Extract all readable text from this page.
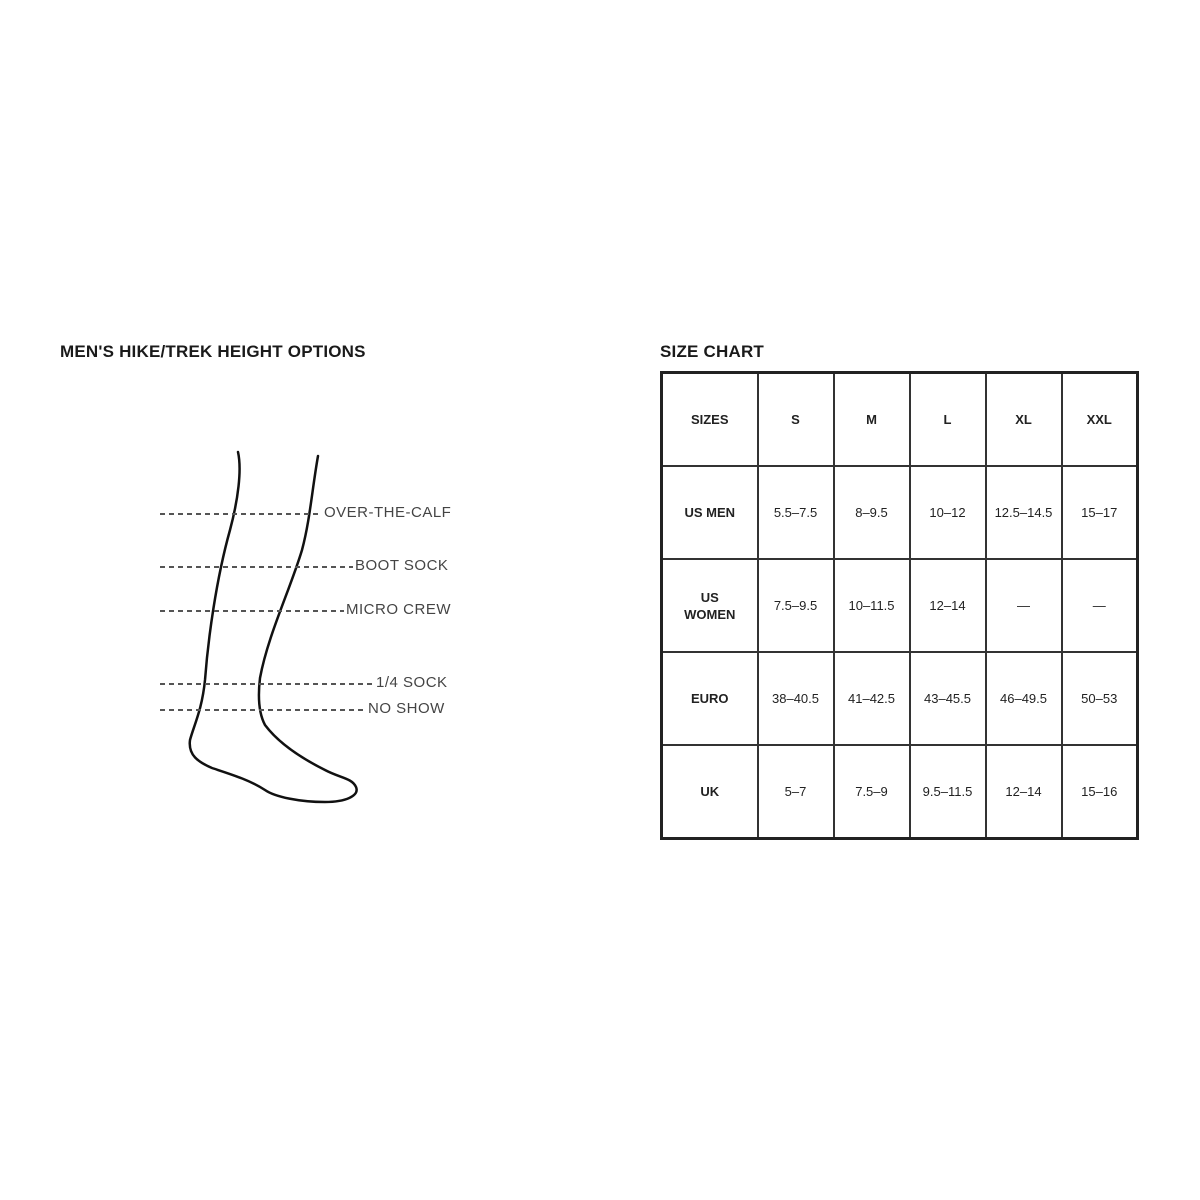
MEN'S HIKE/TREK HEIGHT OPTIONS
OVER-THE-CALF
BOOT SOCK
MICRO CREW
1/4 SOCK
NO SHOW
SIZE CHART
SIZES	S	M	L	XL	XXL
US MEN	5.5–7.5	8–9.5	10–12	12.5–14.5	15–17
US WOMEN	7.5–9.5	10–11.5	12–14	—	—
EURO	38–40.5	41–42.5	43–45.5	46–49.5	50–53
UK	5–7	7.5–9	9.5–11.5	12–14	15–16
